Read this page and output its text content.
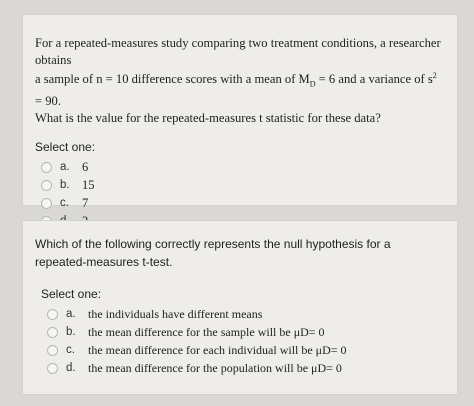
For a repeated-measures study comparing two treatment conditions, a researcher obtains
a sample of n = 10 difference scores with a mean of $M_D = 6$ and a variance of $s^2 = 90$.
What is the value for the repeated-measures t statistic for these data?
Select one:
a. 6
b. 15
c.	7
Which of the following correctly represents the null hypothesis for a repeated-measures t-test.
Select one:
a.	the individuals have different means
b.	the mean difference for the sample will be μD= 0
c.	the mean difference for each individual will be μD= 0
d.	the mean difference for the population will be μD= 0
